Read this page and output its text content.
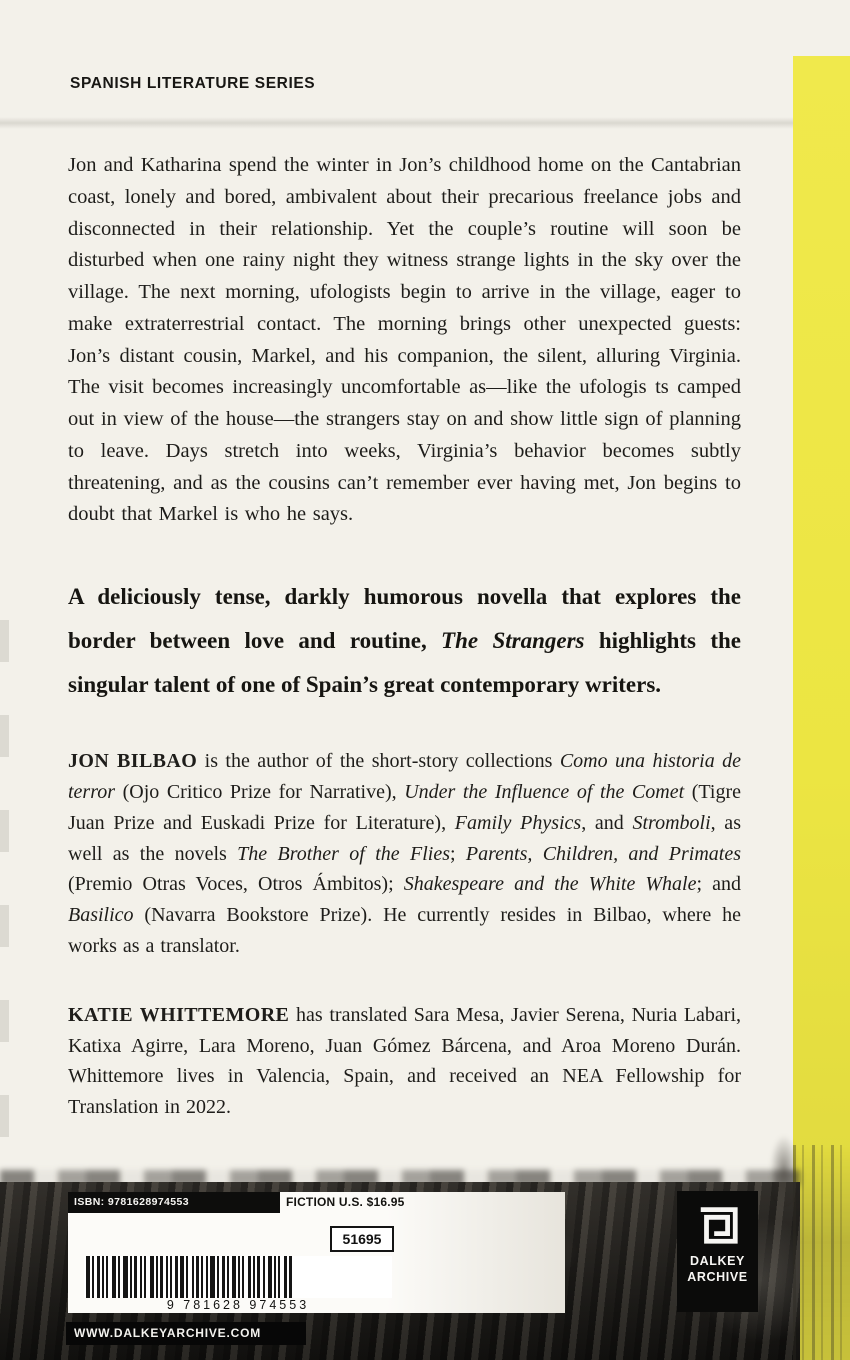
SPANISH LITERATURE SERIES

Jon and Katharina spend the winter in Jon’s childhood home on the Cantabrian coast, lonely and bored, ambivalent about their precarious freelance jobs and disconnected in their relationship. Yet the couple’s routine will soon be disturbed when one rainy night they witness strange lights in the sky over the village. The next morning, ufologists begin to arrive in the village, eager to make extraterrestrial contact. The morning brings other unexpected guests: Jon’s distant cousin, Markel, and his companion, the silent, alluring Virginia. The visit becomes increasingly uncomfortable as—like the ufologis ts camped out in view of the house—the strangers stay on and show little sign of planning to leave. Days stretch into weeks, Virginia’s behavior becomes subtly threatening, and as the cousins can’t remember ever having met, Jon begins to doubt that Markel is who he says.

A deliciously tense, darkly humorous novella that explores the border between love and routine, The Strangers highlights the singular talent of one of Spain’s great contemporary writers.

JON BILBAO is the author of the short-story collections Como una historia de terror (Ojo Critico Prize for Narrative), Under the Influence of the Comet (Tigre Juan Prize and Euskadi Prize for Literature), Family Physics, and Stromboli, as well as the novels The Brother of the Flies; Parents, Children, and Primates (Premio Otras Voces, Otros Ámbitos); Shakespeare and the White Whale; and Basilico (Navarra Bookstore Prize). He currently resides in Bilbao, where he works as a translator.

KATIE WHITTEMORE has translated Sara Mesa, Javier Serena, Nuria Labari, Katixa Agirre, Lara Moreno, Juan Gómez Bárcena, and Aroa Moreno Durán. Whittemore lives in Valencia, Spain, and received an NEA Fellowship for Translation in 2022.

ISBN: 9781628974553	FICTION U.S. $16.95
51695
9 781628 974553
DALKEY
ARCHIVE
WWW.DALKEYARCHIVE.COM
